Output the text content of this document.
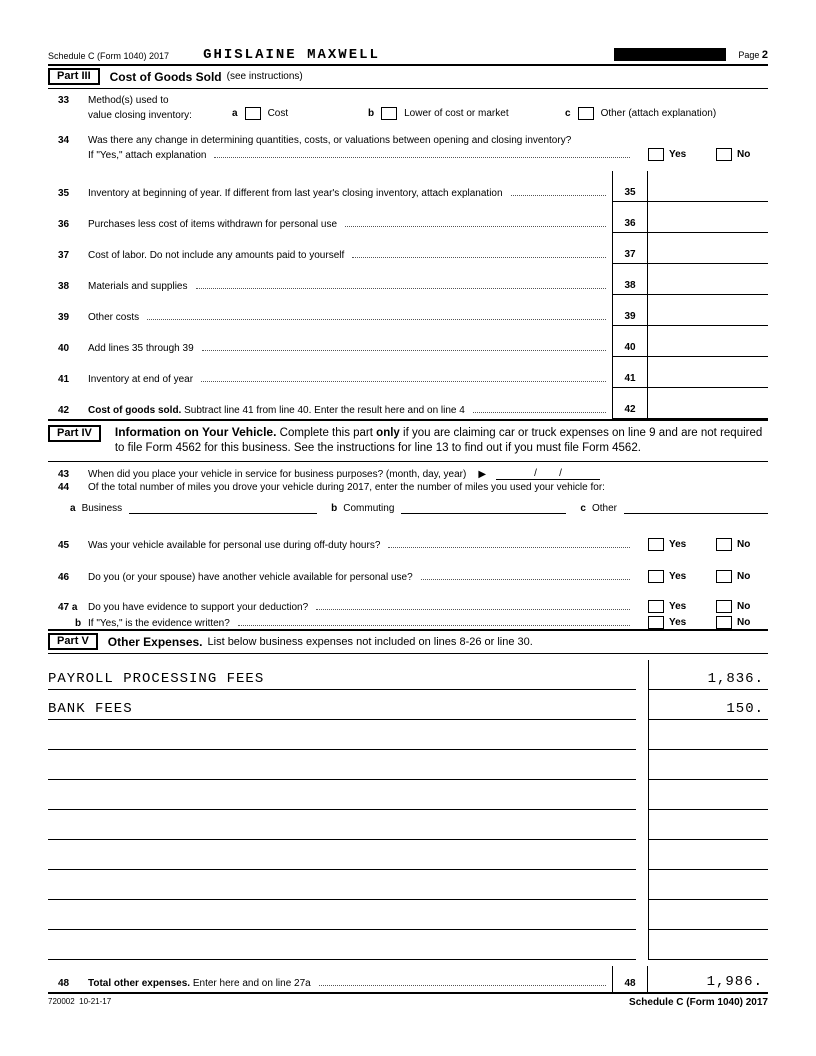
Schedule C (Form 1040) 2017 GHISLAINE MAXWELL	Page 2
Part III	Cost of Goods Sold (see instructions)
33 Method(s) used to
value closing inventory:	a	Cost	b	Lower of cost or market	c	Other (attach explanation)
34	Was there any change in determining quantities, costs, or valuations between opening and closing inventory?
If "Yes," attach explanation	Yes	No
35	Inventory at beginning of year. If different from last year's closing inventory, attach explanation	35
36	Purchases less cost of items withdrawn for personal use	36
37	Cost of labor. Do not include any amounts paid to yourself	37
38	Materials and supplies	38
39	Other costs	39
40	Add lines 35 through 39	40
41	Inventory at end of year	41
42	Cost of goods sold. Subtract line 41 from line 40. Enter the result here and on line 4	42
Part IV	Information on Your Vehicle. Complete this part only if you are claiming car or truck expenses on line 9 and are not required to file Form 4562 for this business. See the instructions for line 13 to find out if you must file Form 4562.
43	When did you place your vehicle in service for business purposes? (month, day, year) ▶	/        /
44	Of the total number of miles you drove your vehicle during 2017, enter the number of miles you used your vehicle for:
a Business	b Commuting	c Other
45	Was your vehicle available for personal use during off-duty hours?	Yes	No
46	Do you (or your spouse) have another vehicle available for personal use?	Yes	No
47 a	Do you have evidence to support your deduction?	Yes	No
b If "Yes," is the evidence written?	Yes	No
Part V	Other Expenses. List below business expenses not included on lines 8-26 or line 30.
PAYROLL PROCESSING FEES	1,836.
BANK FEES	150.
48	Total other expenses. Enter here and on line 27a	48	1,986.
720002  10-21-17	Schedule C (Form 1040) 2017
